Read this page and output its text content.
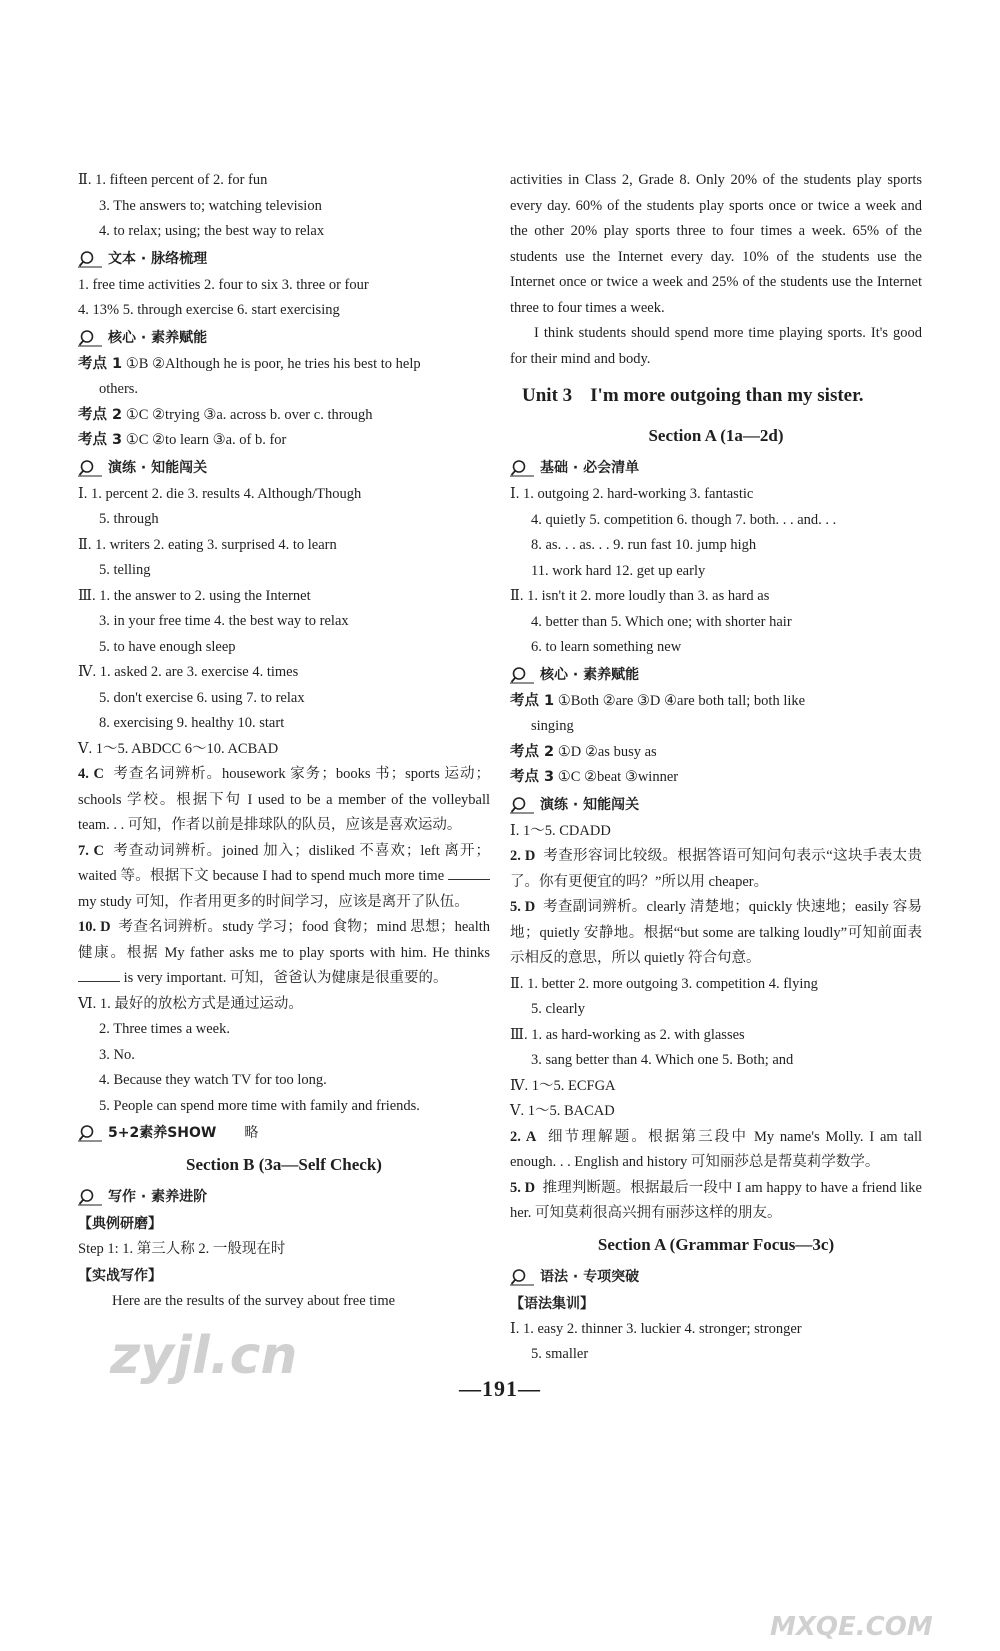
Ⅱ. 1. fifteen percent of 2. for fun
3. The answers to; watching television
4. to relax; using; the best way to relax
文本 · 脉络梳理
1. free time activities 2. four to six 3. three or four
4. 13% 5. through exercise 6. start exercising
核心 · 素养赋能
考点 1 ①B ②Although he is poor, he tries his best to help
others.
考点 2 ①C ②trying ③a. across b. over c. through
考点 3 ①C ②to learn ③a. of b. for
演练 · 知能闯关
Ⅰ. 1. percent 2. die 3. results 4. Although/Though
5. through
Ⅱ. 1. writers 2. eating 3. surprised 4. to learn
5. telling
Ⅲ. 1. the answer to 2. using the Internet
3. in your free time 4. the best way to relax
5. to have enough sleep
Ⅳ. 1. asked 2. are 3. exercise 4. times
5. don't exercise 6. using 7. to relax
8. exercising 9. healthy 10. start
Ⅴ. 1～5. ABDCC 6～10. ACBAD
4. C 考查名词辨析。housework 家务；books 书；sports 运动；schools 学校。根据下句 I used to be a member of the volleyball team. . . 可知，作者以前是排球队的队员，应该是喜欢运动。
7. C 考查动词辨析。joined 加入；disliked 不喜欢；left 离开；waited 等。根据下文 because I had to spend much more time  my study 可知，作者用更多的时间学习，应该是离开了队伍。
10. D 考查名词辨析。study 学习；food 食物；mind 思想；health 健康。根据 My father asks me to play sports with him. He thinks  is very important. 可知，爸爸认为健康是很重要的。
Ⅵ. 1. 最好的放松方式是通过运动。
2. Three times a week.
3. No.
4. Because they watch TV for too long.
5. People can spend more time with family and friends.
5+2素养SHOW 略
Section B (3a—Self Check)
写作 · 素养进阶
【典例研磨】
Step 1: 1. 第三人称 2. 一般现在时
【实战写作】
Here are the results of the survey about free time
activities in Class 2, Grade 8. Only 20% of the students play sports every day. 60% of the students play sports once or twice a week and the other 20% play sports three to four times a week. 65% of the students use the Internet every day. 10% of the students use the Internet once or twice a week and 25% of the students use the Internet three to four times a week.
I think students should spend more time playing sports. It's good for their mind and body.
Unit 3 I'm more outgoing than my sister.
Section A (1a—2d)
基础 · 必会清单
Ⅰ. 1. outgoing 2. hard-working 3. fantastic
4. quietly 5. competition 6. though 7. both. . . and. . .
8. as. . . as. . . 9. run fast 10. jump high
11. work hard 12. get up early
Ⅱ. 1. isn't it 2. more loudly than 3. as hard as
4. better than 5. Which one; with shorter hair
6. to learn something new
核心 · 素养赋能
考点 1 ①Both ②are ③D ④are both tall; both like
singing
考点 2 ①D ②as busy as
考点 3 ①C ②beat ③winner
演练 · 知能闯关
Ⅰ. 1～5. CDADD
2. D 考查形容词比较级。根据答语可知问句表示“这块手表太贵了。你有更便宜的吗？”所以用 cheaper。
5. D 考查副词辨析。clearly 清楚地；quickly 快速地；easily 容易地；quietly 安静地。根据“but some are talking loudly”可知前面表示相反的意思，所以 quietly 符合句意。
Ⅱ. 1. better 2. more outgoing 3. competition 4. flying
5. clearly
Ⅲ. 1. as hard-working as 2. with glasses
3. sang better than 4. Which one 5. Both; and
Ⅳ. 1～5. ECFGA
Ⅴ. 1～5. BACAD
2. A 细节理解题。根据第三段中 My name's Molly. I am tall enough. . . English and history 可知丽莎总是帮莫莉学数学。
5. D 推理判断题。根据最后一段中 I am happy to have a friend like her. 可知莫莉很高兴拥有丽莎这样的朋友。
Section A (Grammar Focus—3c)
语法 · 专项突破
【语法集训】
Ⅰ. 1. easy 2. thinner 3. luckier 4. stronger; stronger
5. smaller
—191—
zyjl.cn
MXQE.COM
